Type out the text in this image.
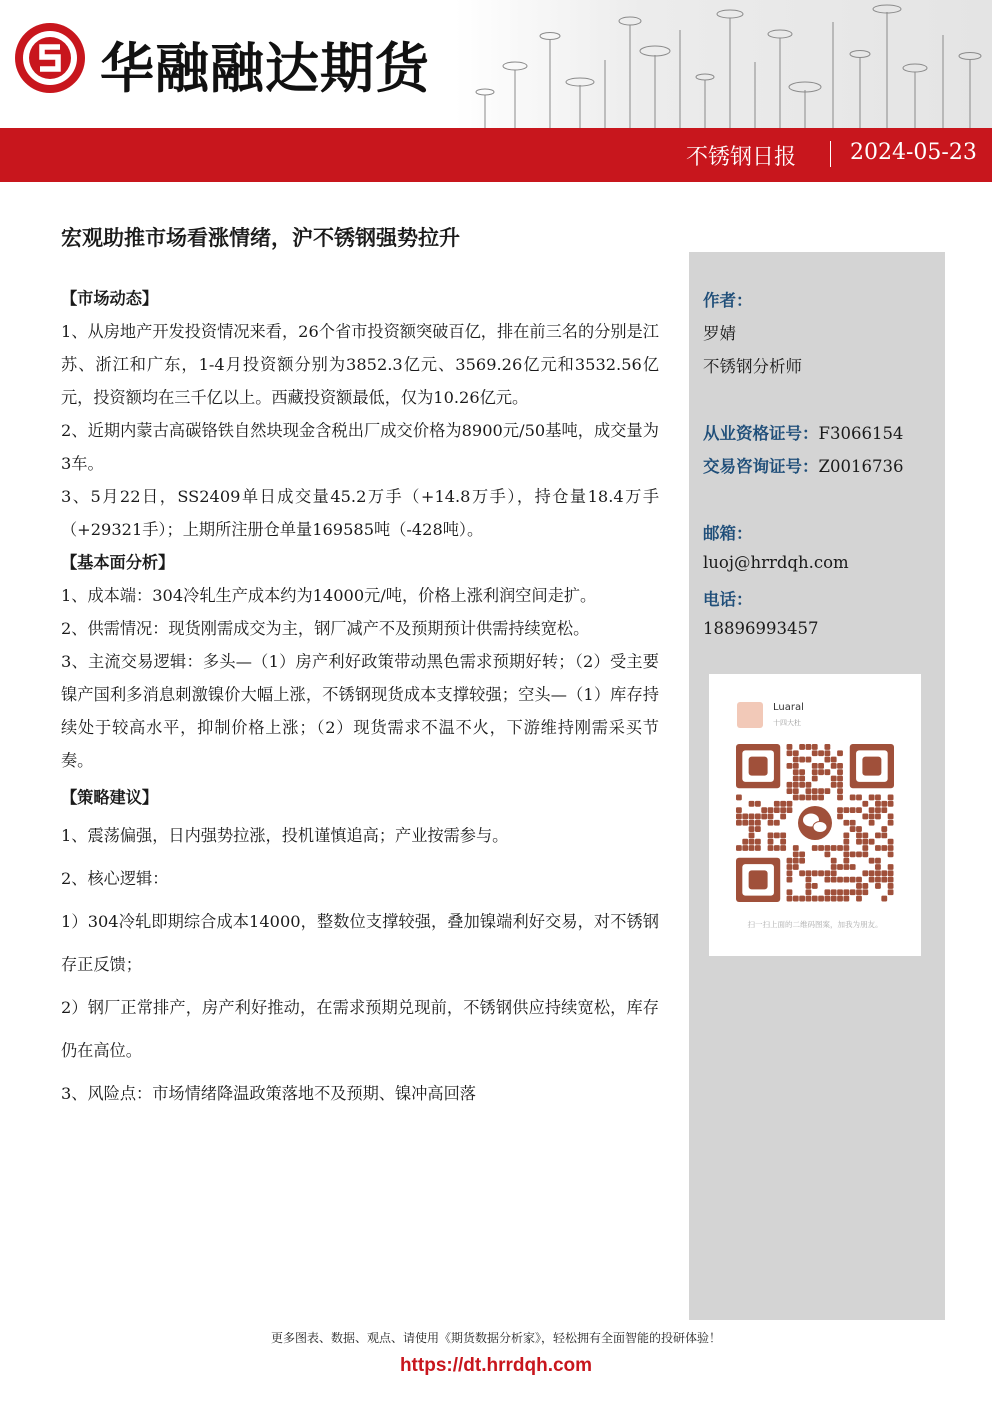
华融融达期货
不锈钢日报 2024-05-23
宏观助推市场看涨情绪，沪不锈钢强势拉升

【市场动态】

1、从房地产开发投资情况来看，26个省市投资额突破百亿，排在前三名的分别是江苏、浙江和广东，1-4月投资额分别为3852.3亿元、3569.26亿元和3532.56亿元，投资额均在三千亿以上。西藏投资额最低，仅为10.26亿元。

2、近期内蒙古高碳铬铁自然块现金含税出厂成交价格为8900元/50基吨，成交量为3车。

3、5月22日，SS2409单日成交量45.2万手（+14.8万手），持仓量18.4万手（+29321手）；上期所注册仓单量169585吨（-428吨）。

【基本面分析】

1、成本端：304冷轧生产成本约为14000元/吨，价格上涨利润空间走扩。

2、供需情况：现货刚需成交为主，钢厂减产不及预期预计供需持续宽松。

3、主流交易逻辑：多头—（1）房产利好政策带动黑色需求预期好转；（2）受主要镍产国利多消息刺激镍价大幅上涨，不锈钢现货成本支撑较强；空头—（1）库存持续处于较高水平，抑制价格上涨；（2）现货需求不温不火，下游维持刚需采买节奏。

【策略建议】

1、震荡偏强，日内强势拉涨，投机谨慎追高；产业按需参与。

2、核心逻辑：

1）304冷轧即期综合成本14000，整数位支撑较强，叠加镍端利好交易，对不锈钢存正反馈；

2）钢厂正常排产，房产利好推动，在需求预期兑现前，不锈钢供应持续宽松，库存仍在高位。

3、风险点：市场情绪降温政策落地不及预期、镍冲高回落

作者：
罗婧
不锈钢分析师
从业资格证号：F3066154
交易咨询证号：Z0016736
邮箱：
luoj@hrrdqh.com
电话：
18896993457
Luaral
十四大杜
扫一扫上面的二维码图案，加我为朋友。
更多图表、数据、观点、请使用《期货数据分析家》，轻松拥有全面智能的投研体验！
https://dt.hrrdqh.com
